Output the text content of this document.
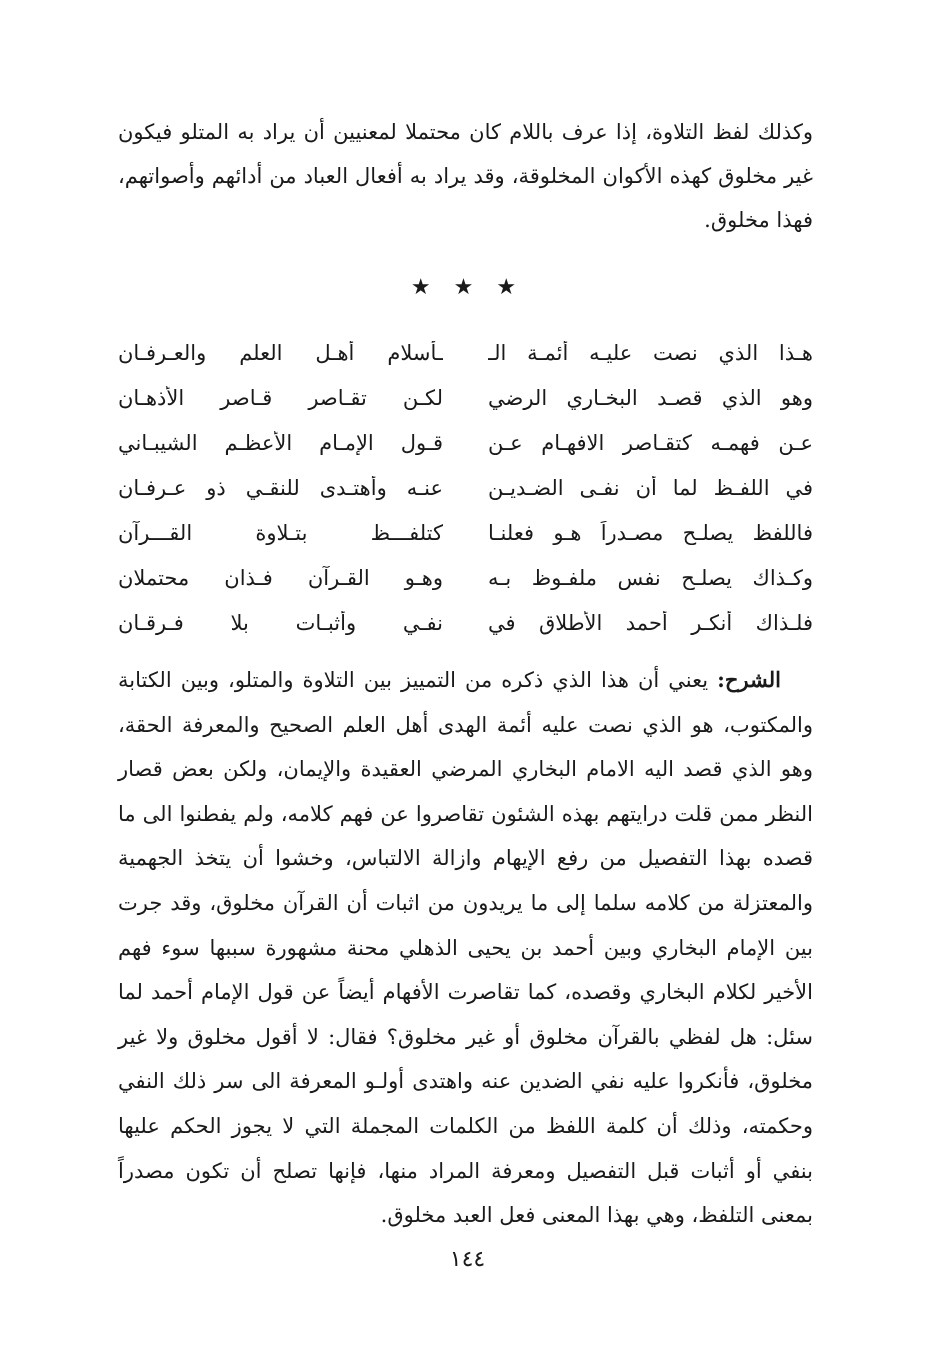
وكذلك لفظ التلاوة، إذا عرف باللام كان محتملا لمعنيين أن يراد به المتلو فيكون غير مخلوق كهذه الأكوان المخلوقة، وقد يراد به أفعال العباد من أدائهم وأصواتهم، فهذا مخلوق.

★ ★ ★
هـذا الذي نصت عليـه أئمـة الـ
ـأسلام أهـل العلم والعـرفـان
وهو الذي قصـد البخـاري الرضي
لكـن تقـاصر قـاصر الأذهـان
عـن فهمـه كتقـاصر الافهـام عـن
قـول الإمـام الأعظـم الشيبـاني
في اللفـظ لما أن نفـى الضـديـن
عنـه وأهتـدى للنقـي ذو عـرفـان
فاللفظ يصلـح مصـدراً هـو فعلنـا
كتلفـــظ بتـلاوة القـــرآن
وكـذاك يصلـح نفس ملفـوظ بـه
وهـو القـرآن فـذان محتملان
فلـذاك أنكـر أحمد الأطلاق في
نفـي وأثبـات بلا فـرقـان

الشرح: يعني أن هذا الذي ذكره من التمييز بين التلاوة والمتلو، وبين الكتابة والمكتوب، هو الذي نصت عليه أئمة الهدى أهل العلم الصحيح والمعرفة الحقة، وهو الذي قصد اليه الامام البخاري المرضي العقيدة والإيمان، ولكن بعض قصار النظر ممن قلت درايتهم بهذه الشئون تقاصروا عن فهم كلامه، ولم يفطنوا الى ما قصده بهذا التفصيل من رفع الإيهام وازالة الالتباس، وخشوا أن يتخذ الجهمية والمعتزلة من كلامه سلما إلى ما يريدون من اثبات أن القرآن مخلوق، وقد جرت بين الإمام البخاري وبين أحمد بن يحيى الذهلي محنة مشهورة سببها سوء فهم الأخير لكلام البخاري وقصده، كما تقاصرت الأفهام أيضاً عن قول الإمام أحمد لما سئل: هل لفظي بالقرآن مخلوق أو غير مخلوق؟ فقال: لا أقول مخلوق ولا غير مخلوق، فأنكروا عليه نفي الضدين عنه واهتدى أولـو المعرفة الى سر ذلك النفي وحكمته، وذلك أن كلمة اللفظ من الكلمات المجملة التي لا يجوز الحكم عليها بنفي أو أثبات قبل التفصيل ومعرفة المراد منها، فإنها تصلح أن تكون مصدراً بمعنى التلفظ، وهي بهذا المعنى فعل العبد مخلوق.

١٤٤
